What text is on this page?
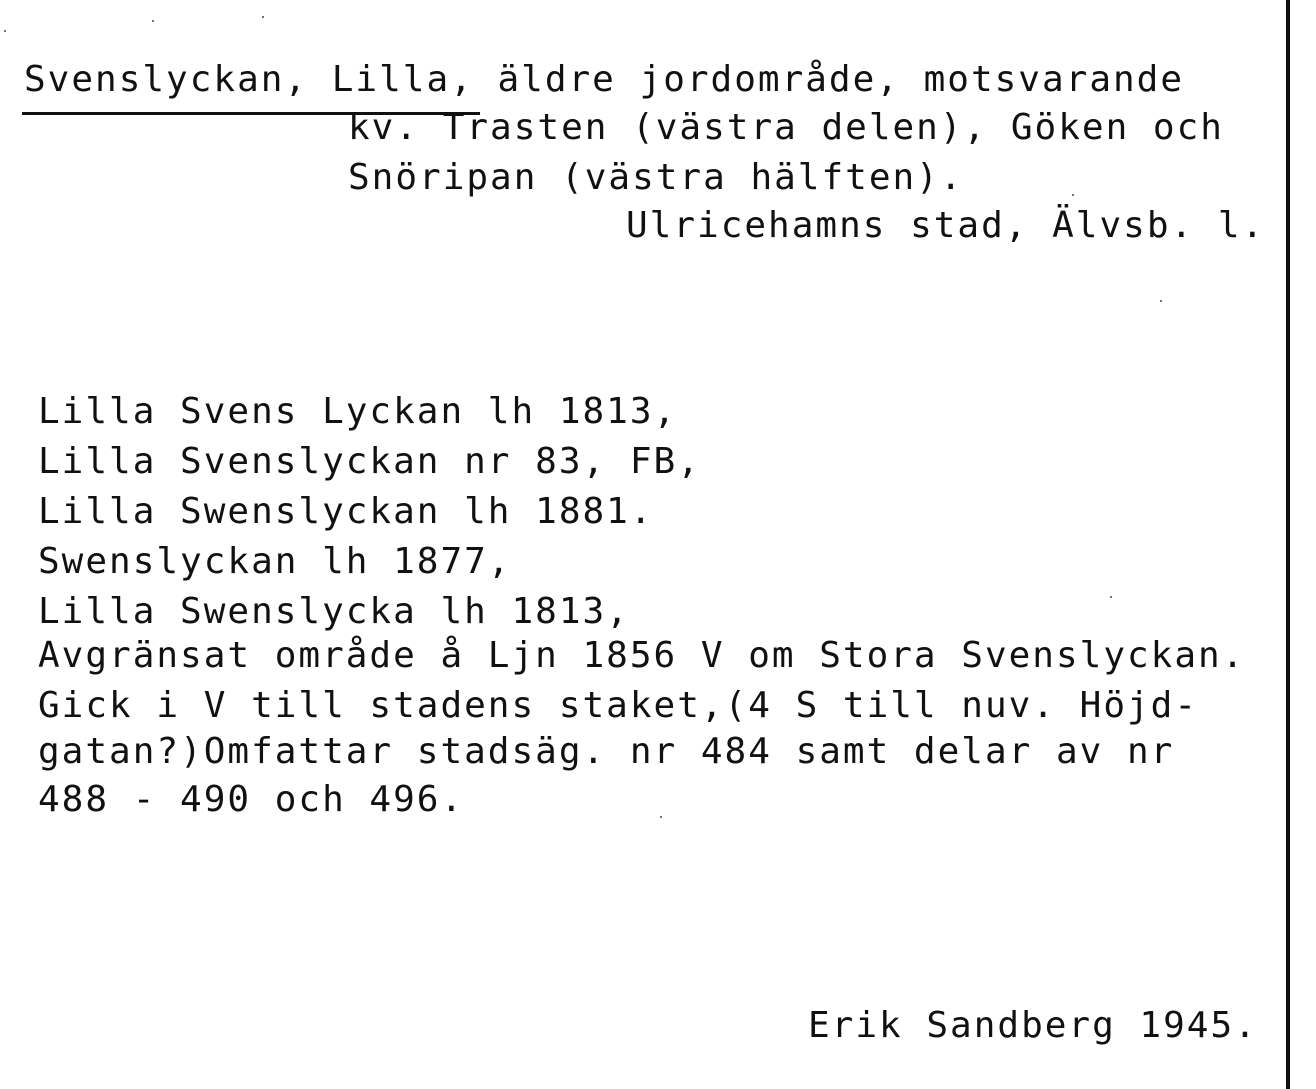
Svenslyckan, Lilla, äldre jordområde, motsvarande
kv. Trasten (västra delen), Göken och
Snöripan (västra hälften).
Ulricehamns stad, Älvsb. l.
Lilla Svens Lyckan lh 1813,
Lilla Svenslyckan nr 83, FB,
Lilla Swenslyckan lh 1881.
Swenslyckan lh 1877,
Lilla Swenslycka lh 1813,
Avgränsat område å Ljn 1856 V om Stora Svenslyckan.
Gick i V till stadens staket,(4 S till nuv. Höjd-
gatan?)Omfattar stadsäg. nr 484 samt delar av nr
488 - 490 och 496.
Erik Sandberg 1945.
